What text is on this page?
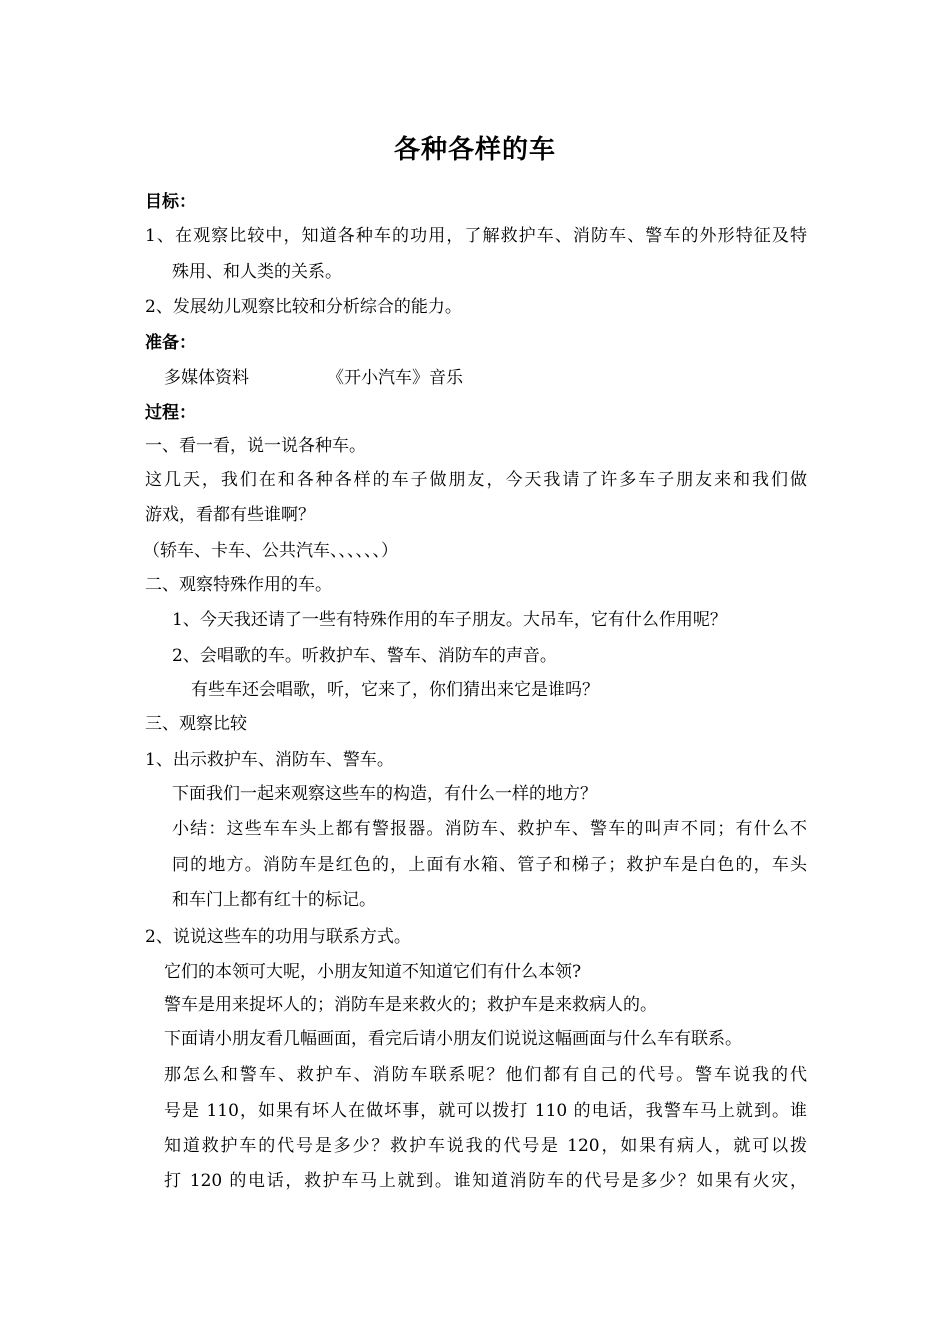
各种各样的车
目标：
1、在观察比较中，知道各种车的功用，了解救护车、消防车、警车的外形特征及特
殊用、和人类的关系。
2、发展幼儿观察比较和分析综合的能力。
准备：
多媒体资料	《开小汽车》音乐
过程：
一、看一看，说一说各种车。
这几天，我们在和各种各样的车子做朋友，今天我请了许多车子朋友来和我们做
游戏，看都有些谁啊？
（轿车、卡车、公共汽车、、、、、、）
二、观察特殊作用的车。
1、今天我还请了一些有特殊作用的车子朋友。大吊车，它有什么作用呢？
2、会唱歌的车。听救护车、警车、消防车的声音。
有些车还会唱歌，听，它来了，你们猜出来它是谁吗？
三、观察比较
1、出示救护车、消防车、警车。
下面我们一起来观察这些车的构造，有什么一样的地方？
小结：这些车车头上都有警报器。消防车、救护车、警车的叫声不同；有什么不
同的地方。消防车是红色的，上面有水箱、管子和梯子；救护车是白色的，车头
和车门上都有红十的标记。
2、说说这些车的功用与联系方式。
它们的本领可大呢，小朋友知道不知道它们有什么本领?
警车是用来捉坏人的；消防车是来救火的；救护车是来救病人的。
下面请小朋友看几幅画面，看完后请小朋友们说说这幅画面与什么车有联系。
那怎么和警车、救护车、消防车联系呢？他们都有自己的代号。警车说我的代
号是 110，如果有坏人在做坏事，就可以拨打 110 的电话，我警车马上就到。谁
知道救护车的代号是多少？救护车说我的代号是 120，如果有病人，就可以拨
打 120 的电话，救护车马上就到。谁知道消防车的代号是多少？如果有火灾，
